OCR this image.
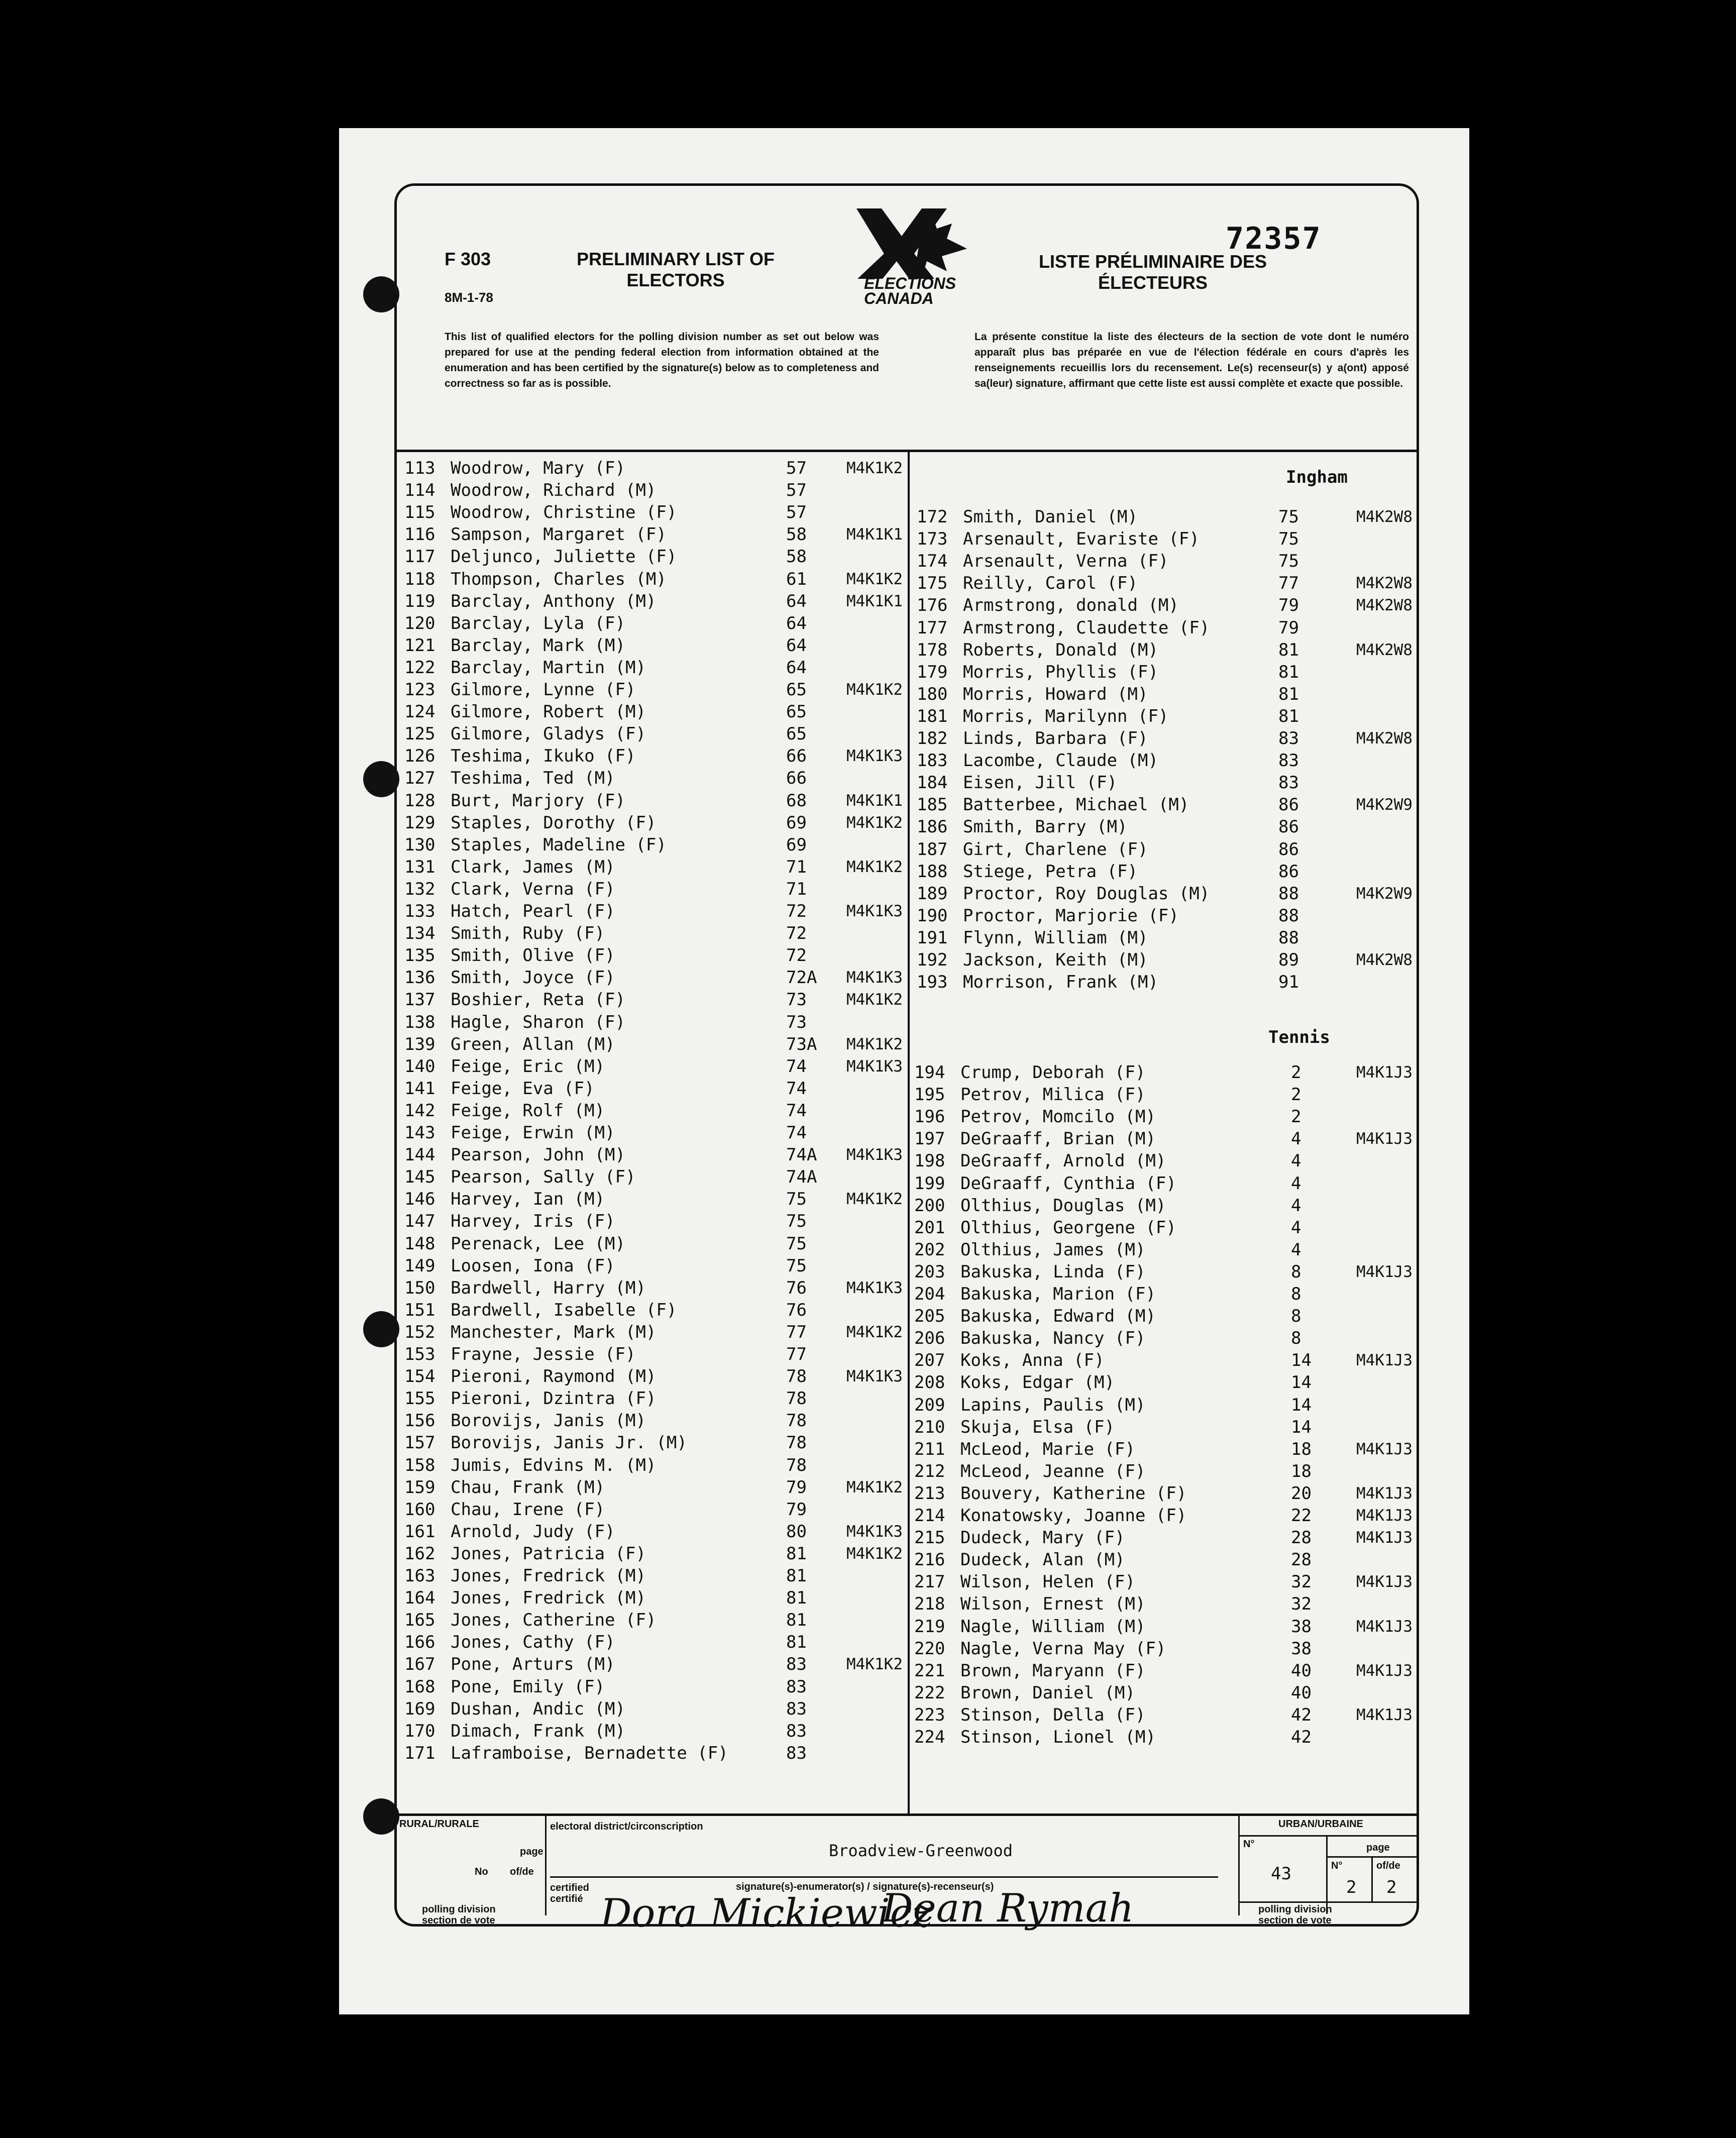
F 303
8M-1-78
PRELIMINARY LIST OF ELECTORS
LISTE PRÉLIMINAIRE DES ÉLECTEURS
72357
ELECTIONS
CANADA
This list of qualified electors for the polling division number as set out below was prepared for use at the pending federal election from information obtained at the enumeration and has been certified by the signature(s) below as to completeness and correctness so far as is possible.
La présente constitue la liste des électeurs de la section de vote dont le numéro apparaît plus bas préparée en vue de l'élection fédérale en cours d'après les renseignements recueillis lors du recensement. Le(s) recenseur(s) y a(ont) apposé sa(leur) signature, affirmant que cette liste est aussi complète et exacte que possible.
113 Woodrow, Mary (F)	57	M4K1K2
114 Woodrow, Richard (M)	57
115 Woodrow, Christine (F)	57
116 Sampson, Margaret (F)	58	M4K1K1
117 Deljunco, Juliette (F)	58
118 Thompson, Charles (M)	61	M4K1K2
119 Barclay, Anthony (M)	64	M4K1K1
120 Barclay, Lyla (F)	64
121 Barclay, Mark (M)	64
122 Barclay, Martin (M)	64
123 Gilmore, Lynne (F)	65	M4K1K2
124 Gilmore, Robert (M)	65
125 Gilmore, Gladys (F)	65
126 Teshima, Ikuko (F)	66	M4K1K3
127 Teshima, Ted (M)	66
128 Burt, Marjory (F)	68	M4K1K1
129 Staples, Dorothy (F)	69	M4K1K2
130 Staples, Madeline (F)	69
131 Clark, James (M)	71	M4K1K2
132 Clark, Verna (F)	71
133 Hatch, Pearl (F)	72	M4K1K3
134 Smith, Ruby (F)	72
135 Smith, Olive (F)	72
136 Smith, Joyce (F)	72A M4K1K3
137 Boshier, Reta (F)	73	M4K1K2
138 Hagle, Sharon (F)	73
139 Green, Allan (M)	73A M4K1K2
140 Feige, Eric (M)	74	M4K1K3
141 Feige, Eva (F)	74
142 Feige, Rolf (M)	74
143 Feige, Erwin (M)	74
144 Pearson, John (M)	74A M4K1K3
145 Pearson, Sally (F)	74A
146 Harvey, Ian (M)	75	M4K1K2
147 Harvey, Iris (F)	75
148 Perenack, Lee (M)	75
149 Loosen, Iona (F)	75
150 Bardwell, Harry (M)	76	M4K1K3
151 Bardwell, Isabelle (F)	76
152 Manchester, Mark (M)	77	M4K1K2
153 Frayne, Jessie (F)	77
154 Pieroni, Raymond (M)	78	M4K1K3
155 Pieroni, Dzintra (F)	78
156 Borovijs, Janis (M)	78
157 Borovijs, Janis Jr. (M)	78
158 Jumis, Edvins M. (M)	78
159 Chau, Frank (M)	79	M4K1K2
160 Chau, Irene (F)	79
161 Arnold, Judy (F)	80	M4K1K3
162 Jones, Patricia (F)	81	M4K1K2
163 Jones, Fredrick (M)	81
164 Jones, Fredrick (M)	81
165 Jones, Catherine (F)	81
166 Jones, Cathy (F)	81
167 Pone, Arturs (M)	83	M4K1K2
168 Pone, Emily (F)	83
169 Dushan, Andic (M)	83
170 Dimach, Frank (M)	83
171 Laframboise, Bernadette (F)	83
Ingham
Tennis
172 Smith, Daniel (M)	75	M4K2W8
173 Arsenault, Evariste (F)	75
174 Arsenault, Verna (F)	75
175 Reilly, Carol (F)	77	M4K2W8
176 Armstrong, donald (M)	79	M4K2W8
177 Armstrong, Claudette (F)	79
178 Roberts, Donald (M)	81	M4K2W8
179 Morris, Phyllis (F)	81
180 Morris, Howard (M)	81
181 Morris, Marilynn (F)	81
182 Linds, Barbara (F)	83	M4K2W8
183 Lacombe, Claude (M)	83
184 Eisen, Jill (F)	83
185 Batterbee, Michael (M)	86	M4K2W9
186 Smith, Barry (M)	86
187 Girt, Charlene (F)	86
188 Stiege, Petra (F)	86
189 Proctor, Roy Douglas (M)	88	M4K2W9
190 Proctor, Marjorie (F)	88
191 Flynn, William (M)	88
192 Jackson, Keith (M)	89	M4K2W8
193 Morrison, Frank (M)	91
194 Crump, Deborah (F)	2	M4K1J3
195 Petrov, Milica (F)	2
196 Petrov, Momcilo (M)	2
197 DeGraaff, Brian (M)	4	M4K1J3
198 DeGraaff, Arnold (M)	4
199 DeGraaff, Cynthia (F)	4
200 Olthius, Douglas (M)	4
201 Olthius, Georgene (F)	4
202 Olthius, James (M)	4
203 Bakuska, Linda (F)	8	M4K1J3
204 Bakuska, Marion (F)	8
205 Bakuska, Edward (M)	8
206 Bakuska, Nancy (F)	8
207 Koks, Anna (F)	14	M4K1J3
208 Koks, Edgar (M)	14
209 Lapins, Paulis (M)	14
210 Skuja, Elsa (F)	14
211 McLeod, Marie (F)	18	M4K1J3
212 McLeod, Jeanne (F)	18
213 Bouvery, Katherine (F)	20	M4K1J3
214 Konatowsky, Joanne (F)	22	M4K1J3
215 Dudeck, Mary (F)	28	M4K1J3
216 Dudeck, Alan (M)	28
217 Wilson, Helen (F)	32	M4K1J3
218 Wilson, Ernest (M)	32
219 Nagle, William (M)	38	M4K1J3
220 Nagle, Verna May (F)	38
221 Brown, Maryann (F)	40	M4K1J3
222 Brown, Daniel (M)	40
223 Stinson, Della (F)	42	M4K1J3
224 Stinson, Lionel (M)	42
RURAL/RURALE
page
No of/de
polling division section de vote
electoral district/circonscription
Broadview-Greenwood
certified certifié
signature(s)-enumerator(s) / signature(s)-recenseur(s)
Dora Mickiewicz
Dean Rymah
URBAN/URBAINE
N°	page
43	N°	of/de
2 2
polling division section de vote
